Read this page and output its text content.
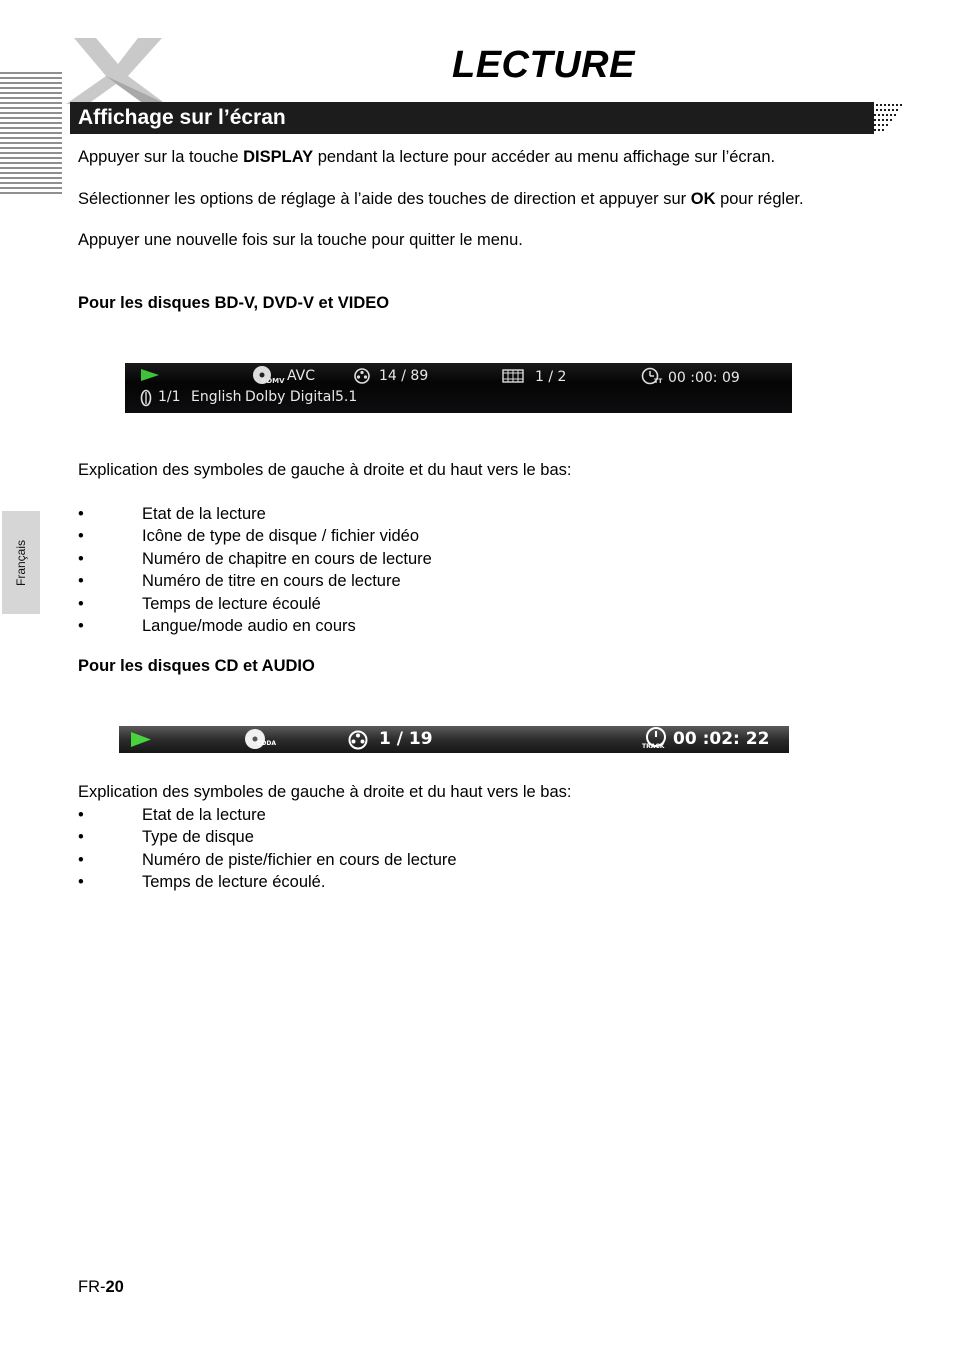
LECTURE
Affichage sur l’écran
Français

Appuyer sur la touche DISPLAY pendant la lecture pour accéder au menu affichage sur l’écran.

Sélectionner les options de réglage à l’aide des touches de direction et appuyer sur OK pour régler.

Appuyer une nouvelle fois sur la touche pour quitter le menu.

Pour les disques BD-V, DVD-V et VIDEO
BDMV AVC	14 / 89	1 / 2	TT 00 :00: 09
1/1 English Dolby Digital 5.1

Explication des symboles de gauche à droite et du haut vers le bas:

• Etat de la lecture
• Icône de type de disque / fichier vidéo
• Numéro de chapitre en cours de lecture
• Numéro de titre en cours de lecture
• Temps de lecture écoulé
• Langue/mode audio en cours
Pour les disques CD et AUDIO
CDDA	1 / 19	TRACK 00 :02: 22

Explication des symboles de gauche à droite et du haut vers le bas:

• Etat de la lecture
• Type de disque
• Numéro de piste/fichier en cours de lecture
• Temps de lecture écoulé.
FR-20
